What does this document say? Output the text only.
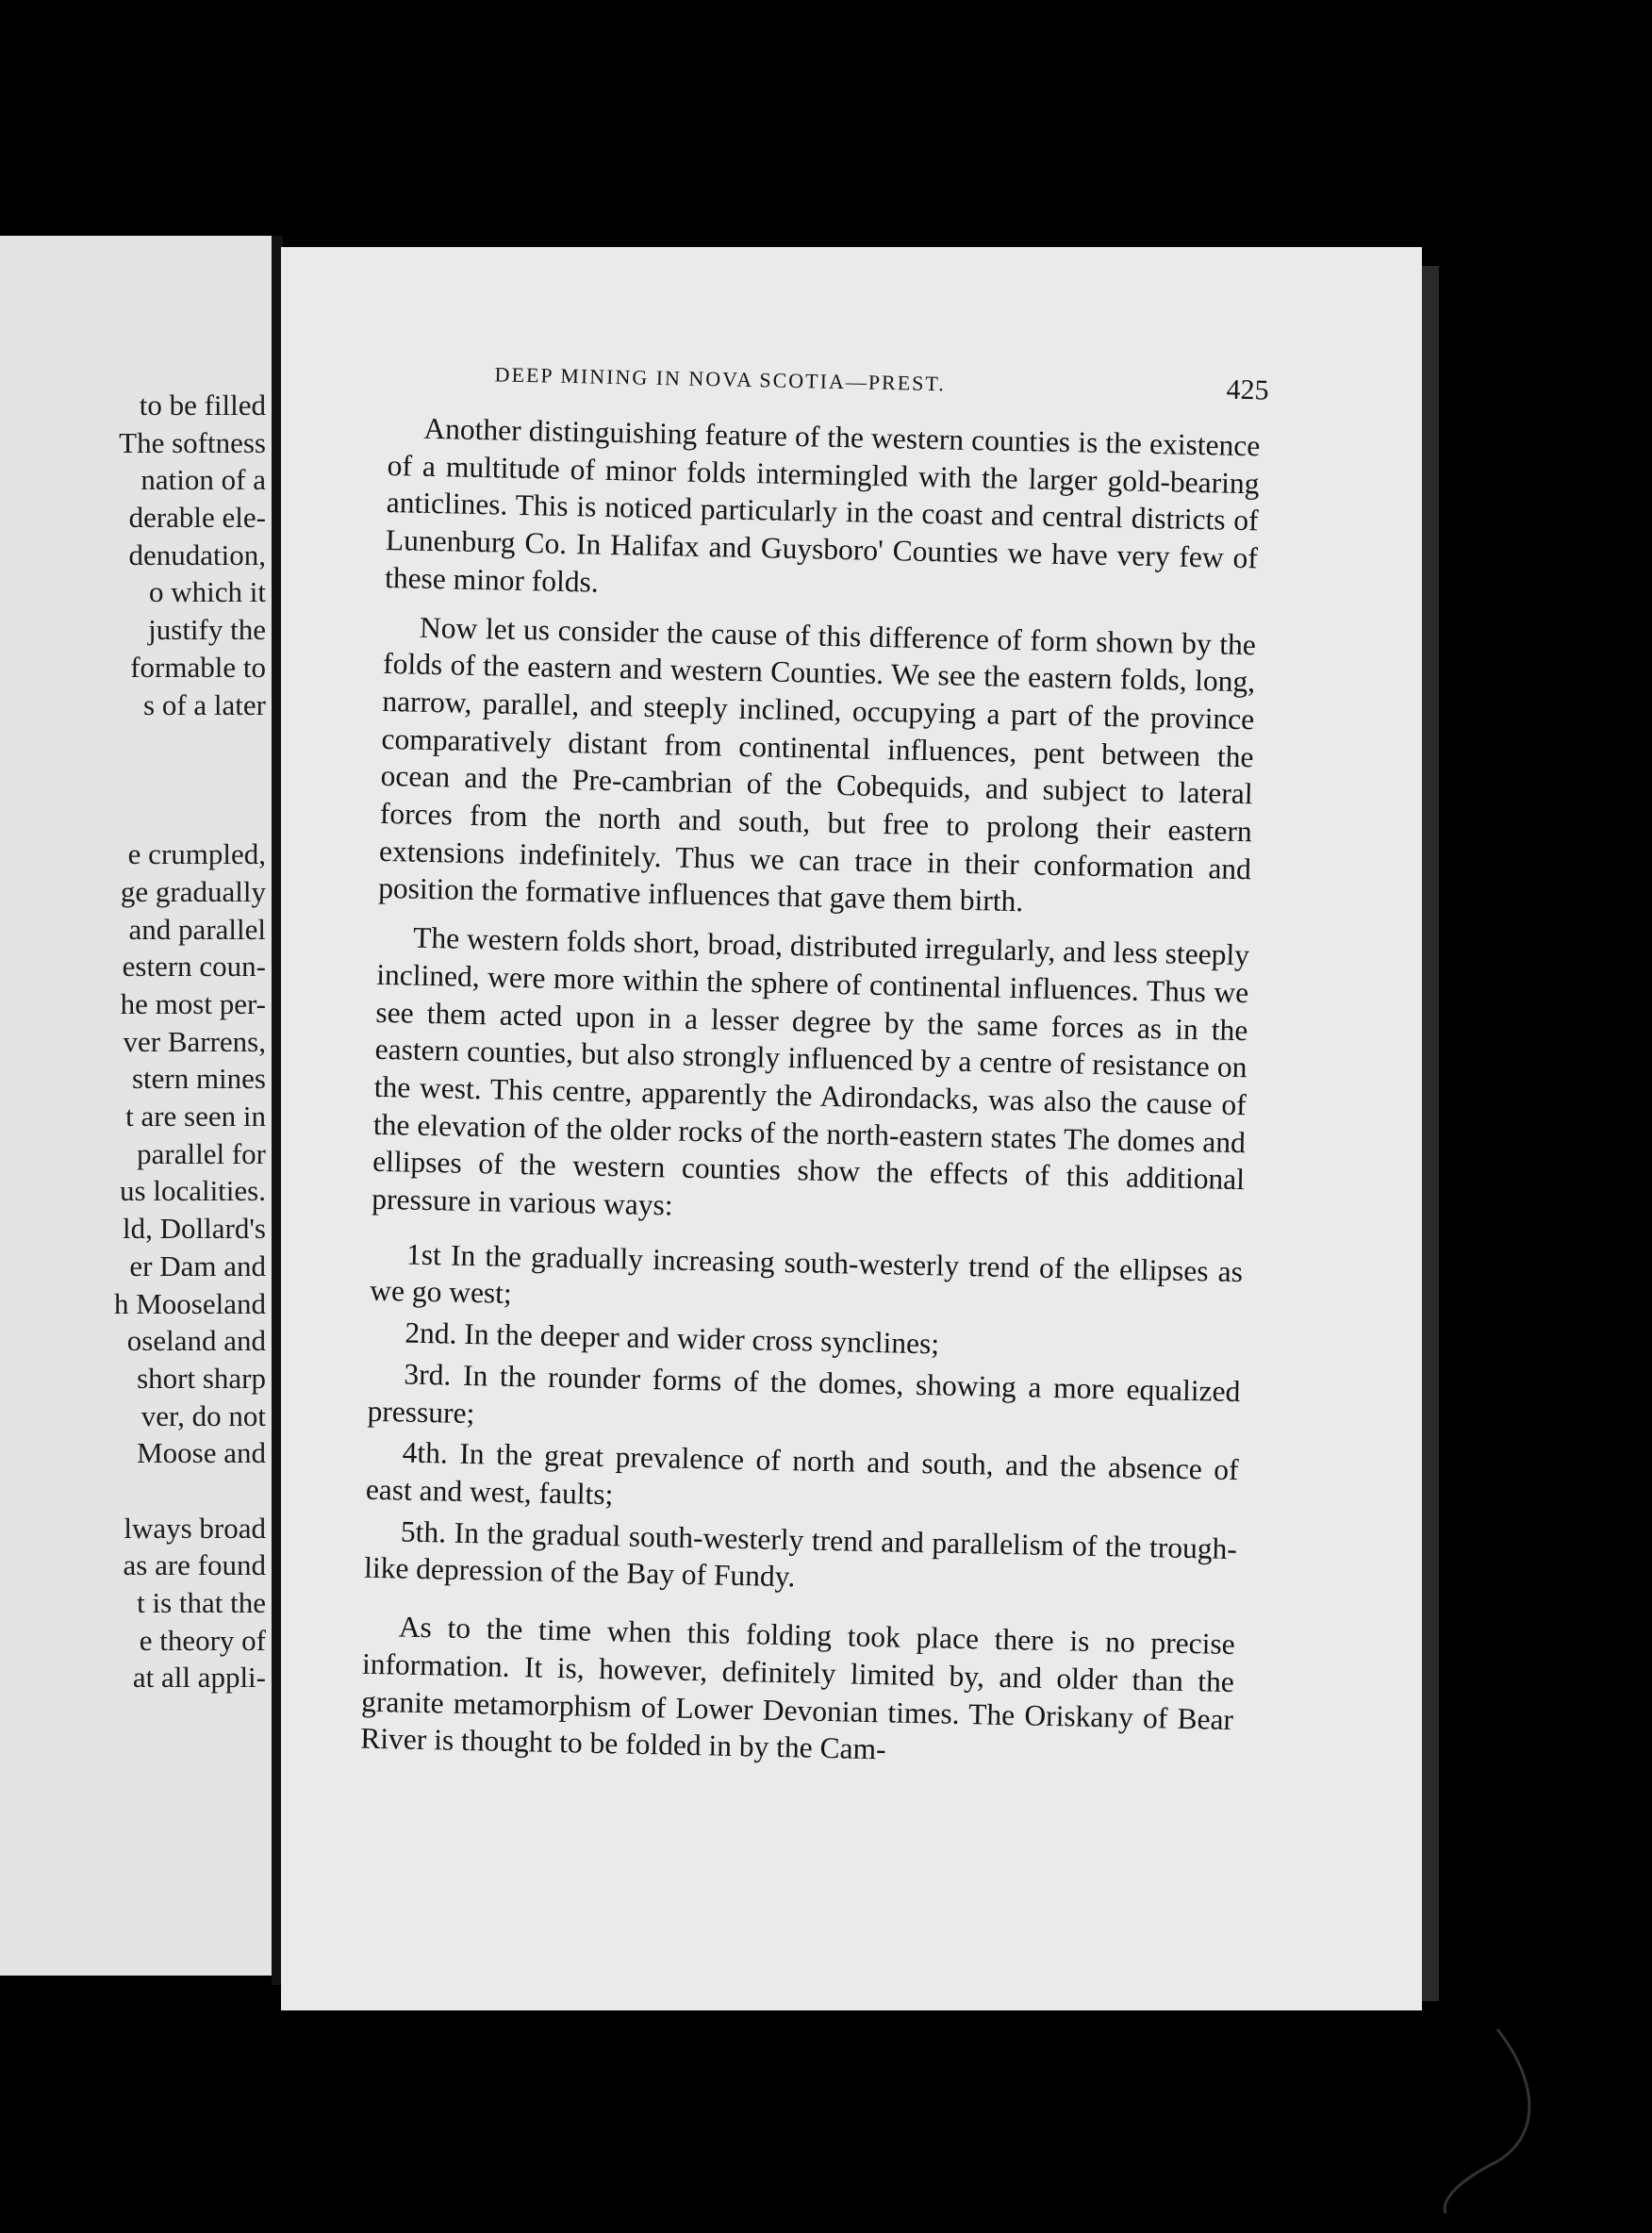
to be filled
The softness
nation of a
derable ele-
denudation,
o which it
justify the
formable to
s of a later
e crumpled,
ge gradually
and parallel
estern coun-
he most per-
ver Barrens,
stern mines
t are seen in
parallel for
us localities.
ld, Dollard's
er Dam and
h Mooseland
oseland and
short sharp
ver, do not
Moose and
lways broad
as are found
t is that the
e theory of
at all appli-
DEEP MINING IN NOVA SCOTIA—PREST.	425

Another distinguishing feature of the western counties is the existence of a multitude of minor folds intermingled with the larger gold-bearing anticlines. This is noticed particularly in the coast and central districts of Lunenburg Co. In Halifax and Guysboro' Counties we have very few of these minor folds.

Now let us consider the cause of this difference of form shown by the folds of the eastern and western Counties. We see the eastern folds, long, narrow, parallel, and steeply inclined, occupying a part of the province comparatively distant from continental influences, pent between the ocean and the Pre-cambrian of the Cobequids, and subject to lateral forces from the north and south, but free to prolong their eastern extensions indefinitely. Thus we can trace in their conformation and position the formative influences that gave them birth.

The western folds short, broad, distributed irregularly, and less steeply inclined, were more within the sphere of continental influences. Thus we see them acted upon in a lesser degree by the same forces as in the eastern counties, but also strongly influenced by a centre of resistance on the west. This centre, apparently the Adirondacks, was also the cause of the elevation of the older rocks of the north-eastern states The domes and ellipses of the western counties show the effects of this additional pressure in various ways:

1st In the gradually increasing south-westerly trend of the ellipses as we go west;

2nd. In the deeper and wider cross synclines;

3rd. In the rounder forms of the domes, showing a more equalized pressure;

4th. In the great prevalence of north and south, and the absence of east and west, faults;

5th. In the gradual south-westerly trend and parallelism of the trough-like depression of the Bay of Fundy.

As to the time when this folding took place there is no precise information. It is, however, definitely limited by, and older than the granite metamorphism of Lower Devonian times. The Oriskany of Bear River is thought to be folded in by the Cam-

5
